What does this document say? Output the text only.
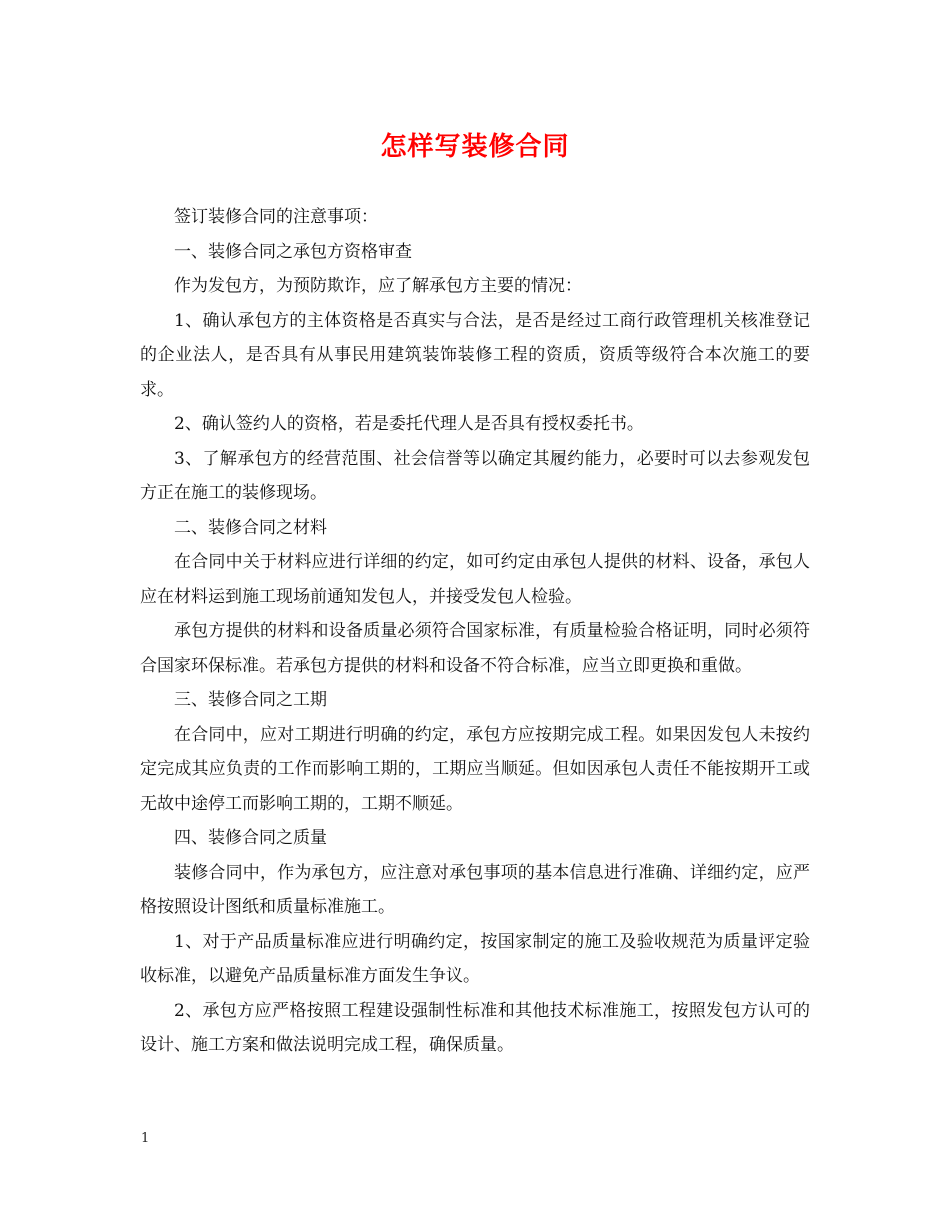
怎样写装修合同

签订装修合同的注意事项：

一、装修合同之承包方资格审查

作为发包方，为预防欺诈，应了解承包方主要的情况：

1、确认承包方的主体资格是否真实与合法，是否是经过工商行政管理机关核准登记的企业法人，是否具有从事民用建筑装饰装修工程的资质，资质等级符合本次施工的要求。

2、确认签约人的资格，若是委托代理人是否具有授权委托书。

3、了解承包方的经营范围、社会信誉等以确定其履约能力，必要时可以去参观发包方正在施工的装修现场。

二、装修合同之材料

在合同中关于材料应进行详细的约定，如可约定由承包人提供的材料、设备，承包人应在材料运到施工现场前通知发包人，并接受发包人检验。

承包方提供的材料和设备质量必须符合国家标准，有质量检验合格证明，同时必须符合国家环保标准。若承包方提供的材料和设备不符合标准，应当立即更换和重做。

三、装修合同之工期

在合同中，应对工期进行明确的约定，承包方应按期完成工程。如果因发包人未按约定完成其应负责的工作而影响工期的，工期应当顺延。但如因承包人责任不能按期开工或无故中途停工而影响工期的，工期不顺延。

四、装修合同之质量

装修合同中，作为承包方，应注意对承包事项的基本信息进行准确、详细约定，应严格按照设计图纸和质量标准施工。

1、对于产品质量标准应进行明确约定，按国家制定的施工及验收规范为质量评定验收标准，以避免产品质量标准方面发生争议。

2、承包方应严格按照工程建设强制性标准和其他技术标准施工，按照发包方认可的设计、施工方案和做法说明完成工程，确保质量。

1
